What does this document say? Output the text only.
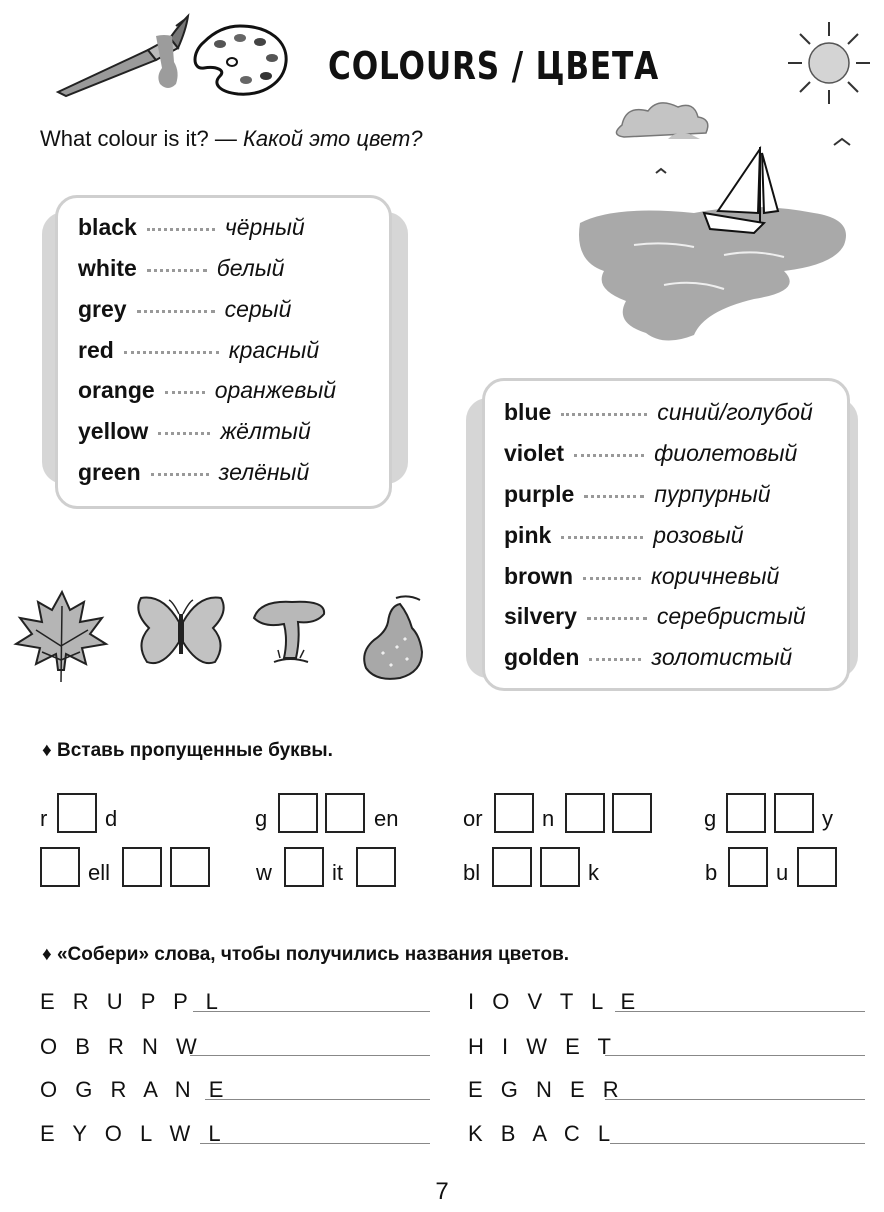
COLOURS / ЦВЕТА
What colour is it? — Какой это цвет?
black	чёрный
white	белый
grey	серый
red	красный
orange	оранжевый
yellow	жёлтый
green	зелёный
blue	синий/голубой
violet	фиолетовый
purple	пурпурный
pink	розовый
brown	коричневый
silvery	серебристый
golden	золотистый
♦ Вставь пропущенные буквы.
r	d	g	en	or	n	g	y
ell	w	it	bl	k	b	u
♦ «Собери» слова, чтобы получились названия цветов.
E R U P P L
O B R N W
O G R A N E
E Y O L W L
I O V T L E
H I W E T
E G N E R
K B A C L
7
